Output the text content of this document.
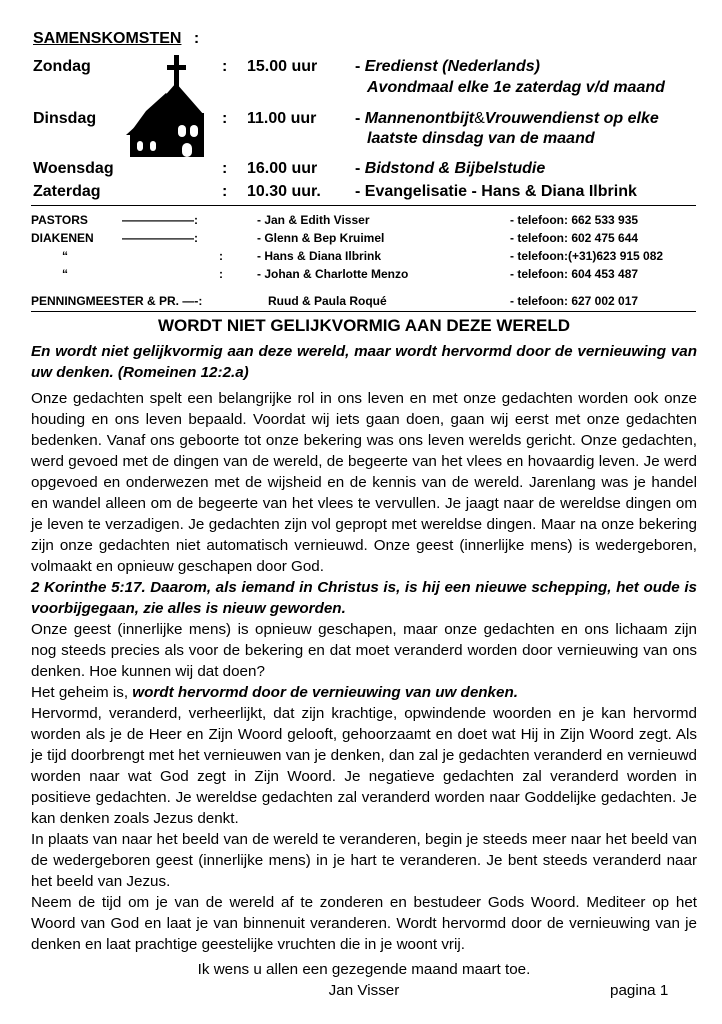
SAMENSKOMSTEN :
Zondag	: 15.00 uur - Eredienst (Nederlands)
Avondmaal elke 1e zaterdag v/d maand
Dinsdag	: 11.00 uur - Mannenontbijt&Vrouwendienst op elke
laatste dinsdag van de maand
Woensdag	: 16.00 uur - Bidstond & Bijbelstudie
Zaterdag	: 10.30 uur. - Evangelisatie - Hans & Diana Ilbrink
PASTORS	——————:	- Jan & Edith Visser	- telefoon: 662 533 935
DIAKENEN ——————:	- Glenn & Bep Kruimel	- telefoon: 602 475 644
“	:	- Hans & Diana Ilbrink	- telefoon:(+31)623 915 082
“	:	- Johan & Charlotte Menzo	- telefoon: 604 453 487
PENNINGMEESTER & PR. —-:	Ruud & Paula Roqué	- telefoon: 627 002 017
WORDT NIET GELIJKVORMIG AAN DEZE WERELD

En wordt niet gelijkvormig aan deze wereld, maar wordt hervormd door de vernieuwing van uw denken. (Romeinen 12:2.a)

Onze gedachten spelt een belangrijke rol in ons leven en met onze gedachten worden ook onze houding en ons leven bepaald. Voordat wij iets gaan doen, gaan wij eerst met onze gedachten bedenken. Vanaf ons geboorte tot onze bekering was ons leven werelds gericht. Onze gedachten, werd gevoed met de dingen van de wereld, de begeerte van het vlees en hovaardig leven. Je werd opgevoed en onderwezen met de wijsheid en de kennis van de wereld. Jarenlang was je handel en wandel alleen om de begeerte van het vlees te vervullen. Je jaagt naar de wereldse dingen om je leven te verzadigen. Je gedachten zijn vol gepropt met wereldse dingen. Maar na onze bekering zijn onze gedachten niet automatisch vernieuwd. Onze geest (innerlijke mens) is wedergeboren, volmaakt en opnieuw geschapen door God.

2 Korinthe 5:17. Daarom, als iemand in Christus is, is hij een nieuwe schepping, het oude is voorbijgegaan, zie alles is nieuw geworden.

Onze geest (innerlijke mens) is opnieuw geschapen, maar onze gedachten en ons lichaam zijn nog steeds precies als voor de bekering en dat moet veranderd worden door vernieuwing van ons denken. Hoe kunnen wij dat doen?

Het geheim is, wordt hervormd door de vernieuwing van uw denken.

Hervormd, veranderd, verheerlijkt, dat zijn krachtige, opwindende woorden en je kan hervormd worden als je de Heer en Zijn Woord gelooft, gehoorzaamt en doet wat Hij in Zijn Woord zegt. Als je tijd doorbrengt met het vernieuwen van je denken, dan zal je gedachten veranderd en vernieuwd worden naar wat God zegt in Zijn Woord. Je negatieve gedachten zal veranderd worden in positieve gedachten. Je wereldse gedachten zal veranderd worden naar Goddelijke gedachten. Je kan denken zoals Jezus denkt.

In plaats van naar het beeld van de wereld te veranderen, begin je steeds meer naar het beeld van de wedergeboren geest (innerlijke mens) in je hart te veranderen. Je bent steeds veranderd naar het beeld van Jezus.

Neem de tijd om je van de wereld af te zonderen en bestudeer Gods Woord. Mediteer op het Woord van God en laat je van binnenuit veranderen. Wordt hervormd door de vernieuwing van je denken en laat prachtige geestelijke vruchten die in je woont vrij.

Ik wens u allen een gezegende maand maart toe.
Jan Visser	pagina 1
